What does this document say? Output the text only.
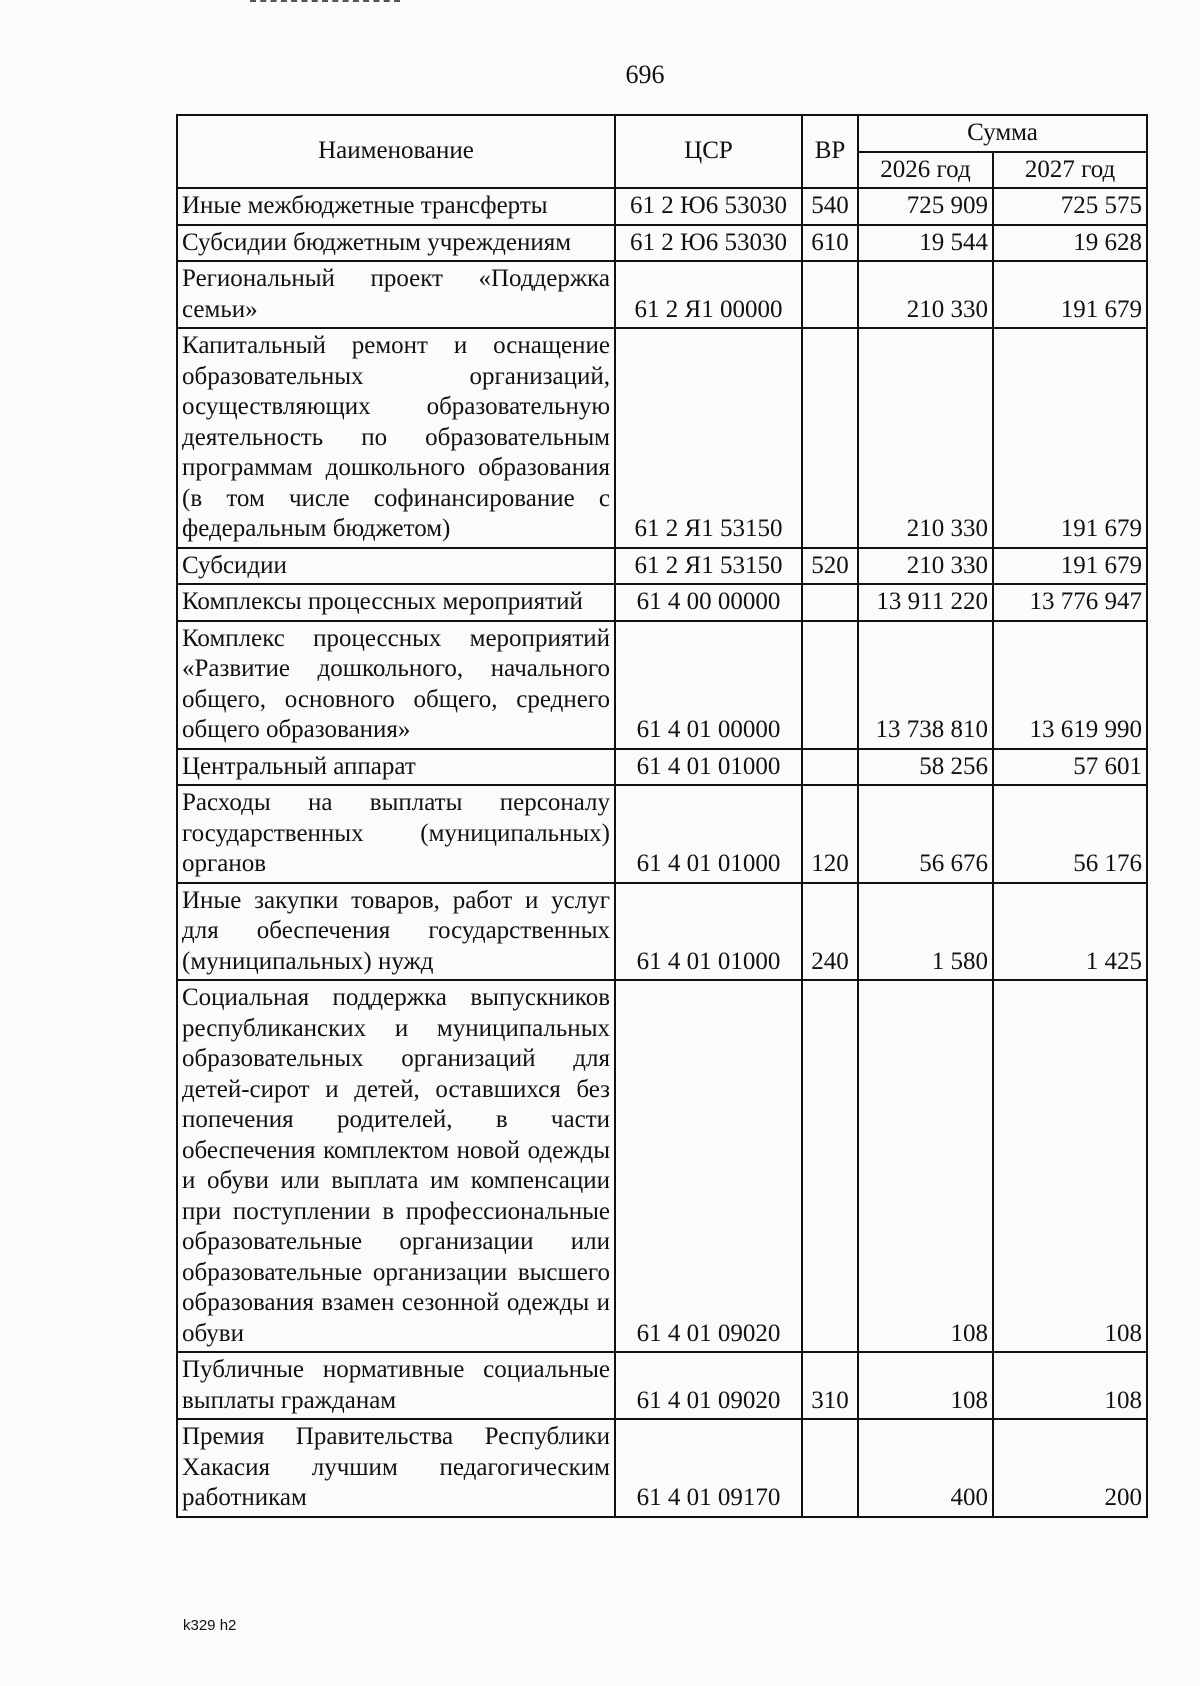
696
Наименование	ЦСР	ВР	Сумма	
			2026 год	2027 год
Иные межбюджетные трансферты	61 2 Ю6 53030	540	725 909	725 575
Субсидии бюджетным учреждениям	61 2 Ю6 53030	610	19 544	19 628
Региональный проект «Поддержка семьи»	61 2 Я1 00000		210 330	191 679
Капитальный ремонт и оснащение образовательных организаций, осуществляющих образовательную деятельность по образовательным программам дошкольного образования (в том числе софинансирование с федеральным бюджетом)	61 2 Я1 53150		210 330	191 679
Субсидии	61 2 Я1 53150	520	210 330	191 679
Комплексы процессных мероприятий	61 4 00 00000		13 911 220	13 776 947
Комплекс процессных мероприятий «Развитие дошкольного, начального общего, основного общего, среднего общего образования»	61 4 01 00000		13 738 810	13 619 990
Центральный аппарат	61 4 01 01000		58 256	57 601
Расходы на выплаты персоналу государственных (муниципальных) органов	61 4 01 01000	120	56 676	56 176
Иные закупки товаров, работ и услуг для обеспечения государственных (муниципальных) нужд	61 4 01 01000	240	1 580	1 425
Социальная поддержка выпускников республиканских и муниципальных образовательных организаций для детей-сирот и детей, оставшихся без попечения родителей, в части обеспечения комплектом новой одежды и обуви или выплата им компенсации при поступлении в профессиональные образовательные организации или образовательные организации высшего образования взамен сезонной одежды и обуви	61 4 01 09020		108	108
Публичные нормативные социальные выплаты гражданам	61 4 01 09020	310	108	108
Премия Правительства Республики Хакасия лучшим педагогическим работникам	61 4 01 09170		400	200
k329 h2
